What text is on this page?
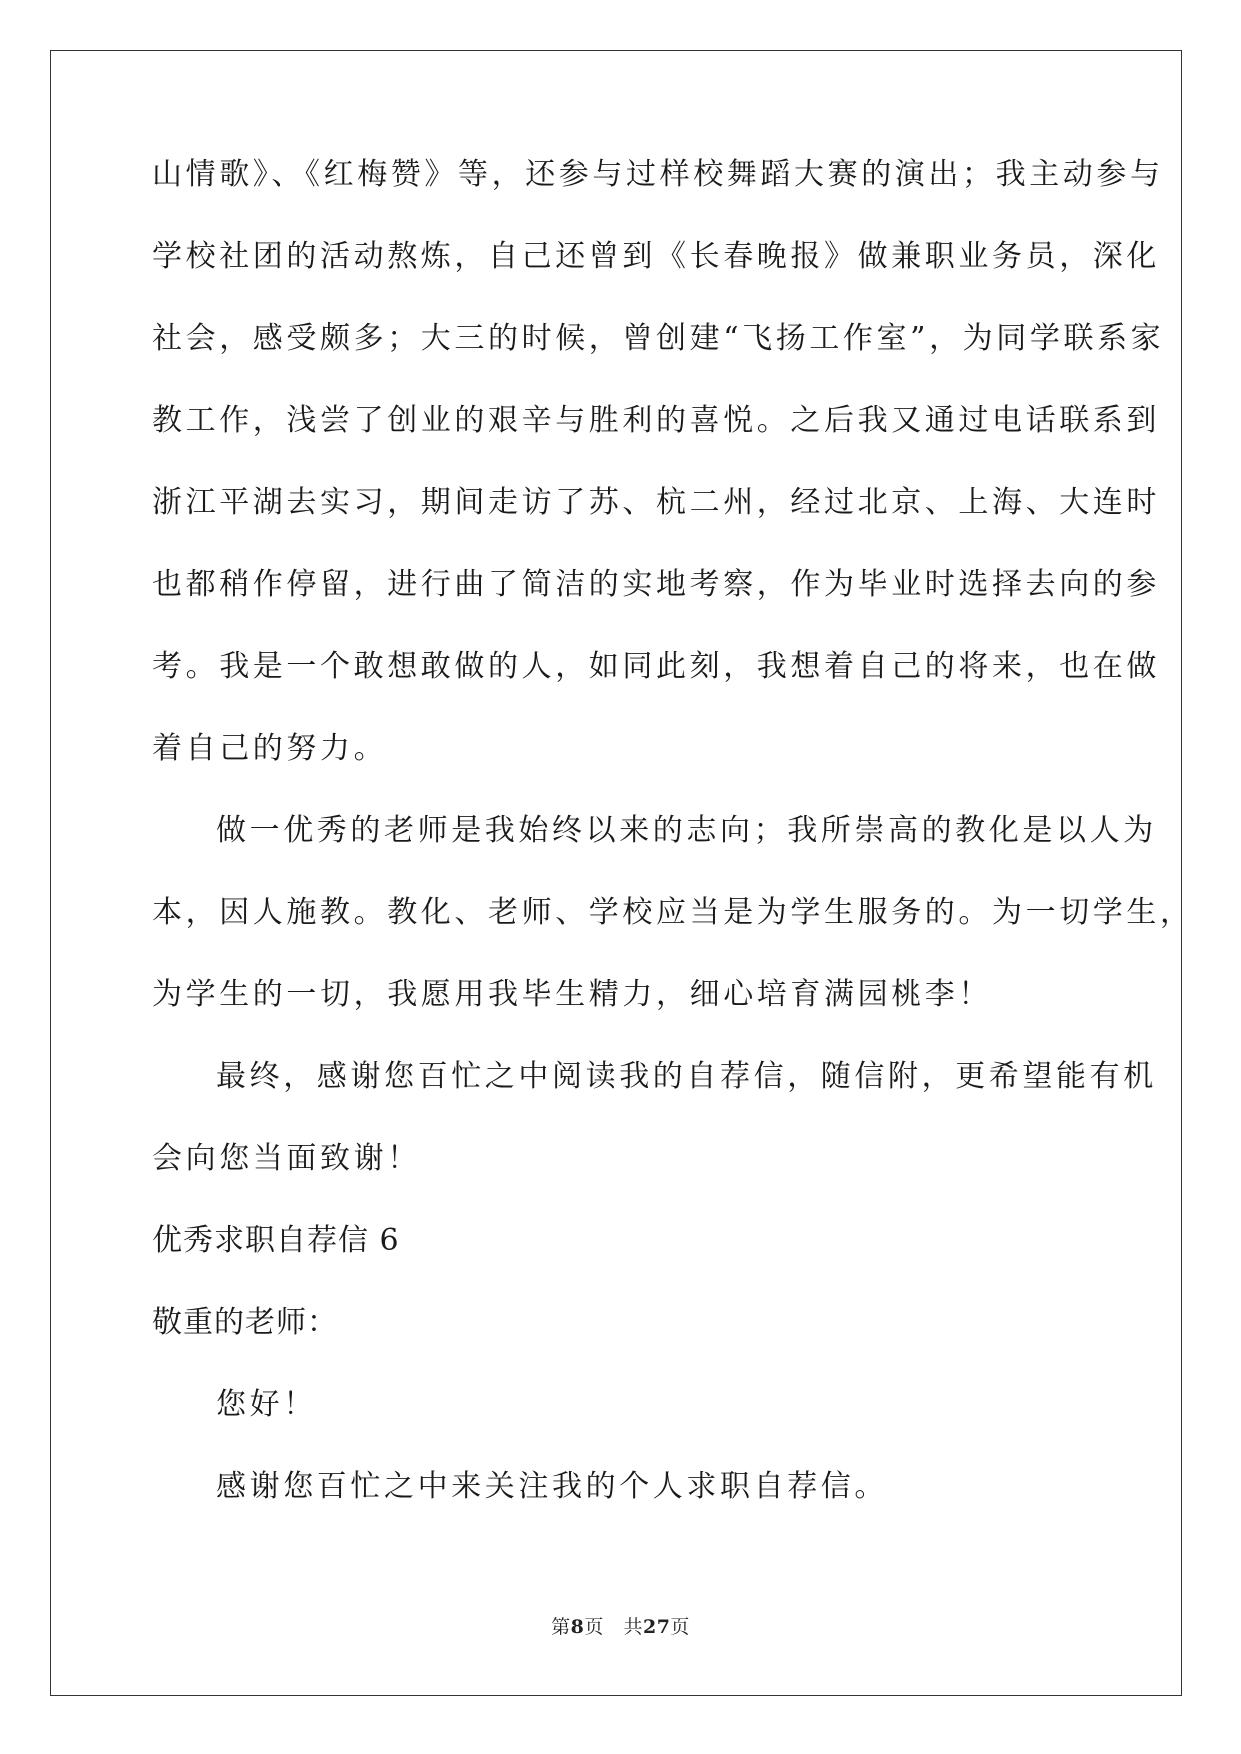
山情歌》、《红梅赞》等，还参与过样校舞蹈大赛的演出；我主动参与
学校社团的活动熬炼，自己还曾到《长春晚报》做兼职业务员，深化
社会，感受颇多；大三的时候，曾创建“飞扬工作室”，为同学联系家
教工作，浅尝了创业的艰辛与胜利的喜悦。之后我又通过电话联系到
浙江平湖去实习，期间走访了苏、杭二州，经过北京、上海、大连时
也都稍作停留，进行曲了简洁的实地考察，作为毕业时选择去向的参
考。我是一个敢想敢做的人，如同此刻，我想着自己的将来，也在做
着自己的努力。
做一优秀的老师是我始终以来的志向；我所崇高的教化是以人为
本，因人施教。教化、老师、学校应当是为学生服务的。为一切学生，
为学生的一切，我愿用我毕生精力，细心培育满园桃李！
最终，感谢您百忙之中阅读我的自荐信，随信附，更希望能有机
会向您当面致谢！
优秀求职自荐信 6
敬重的老师：
您好！
感谢您百忙之中来关注我的个人求职自荐信。
第8页 共27页
